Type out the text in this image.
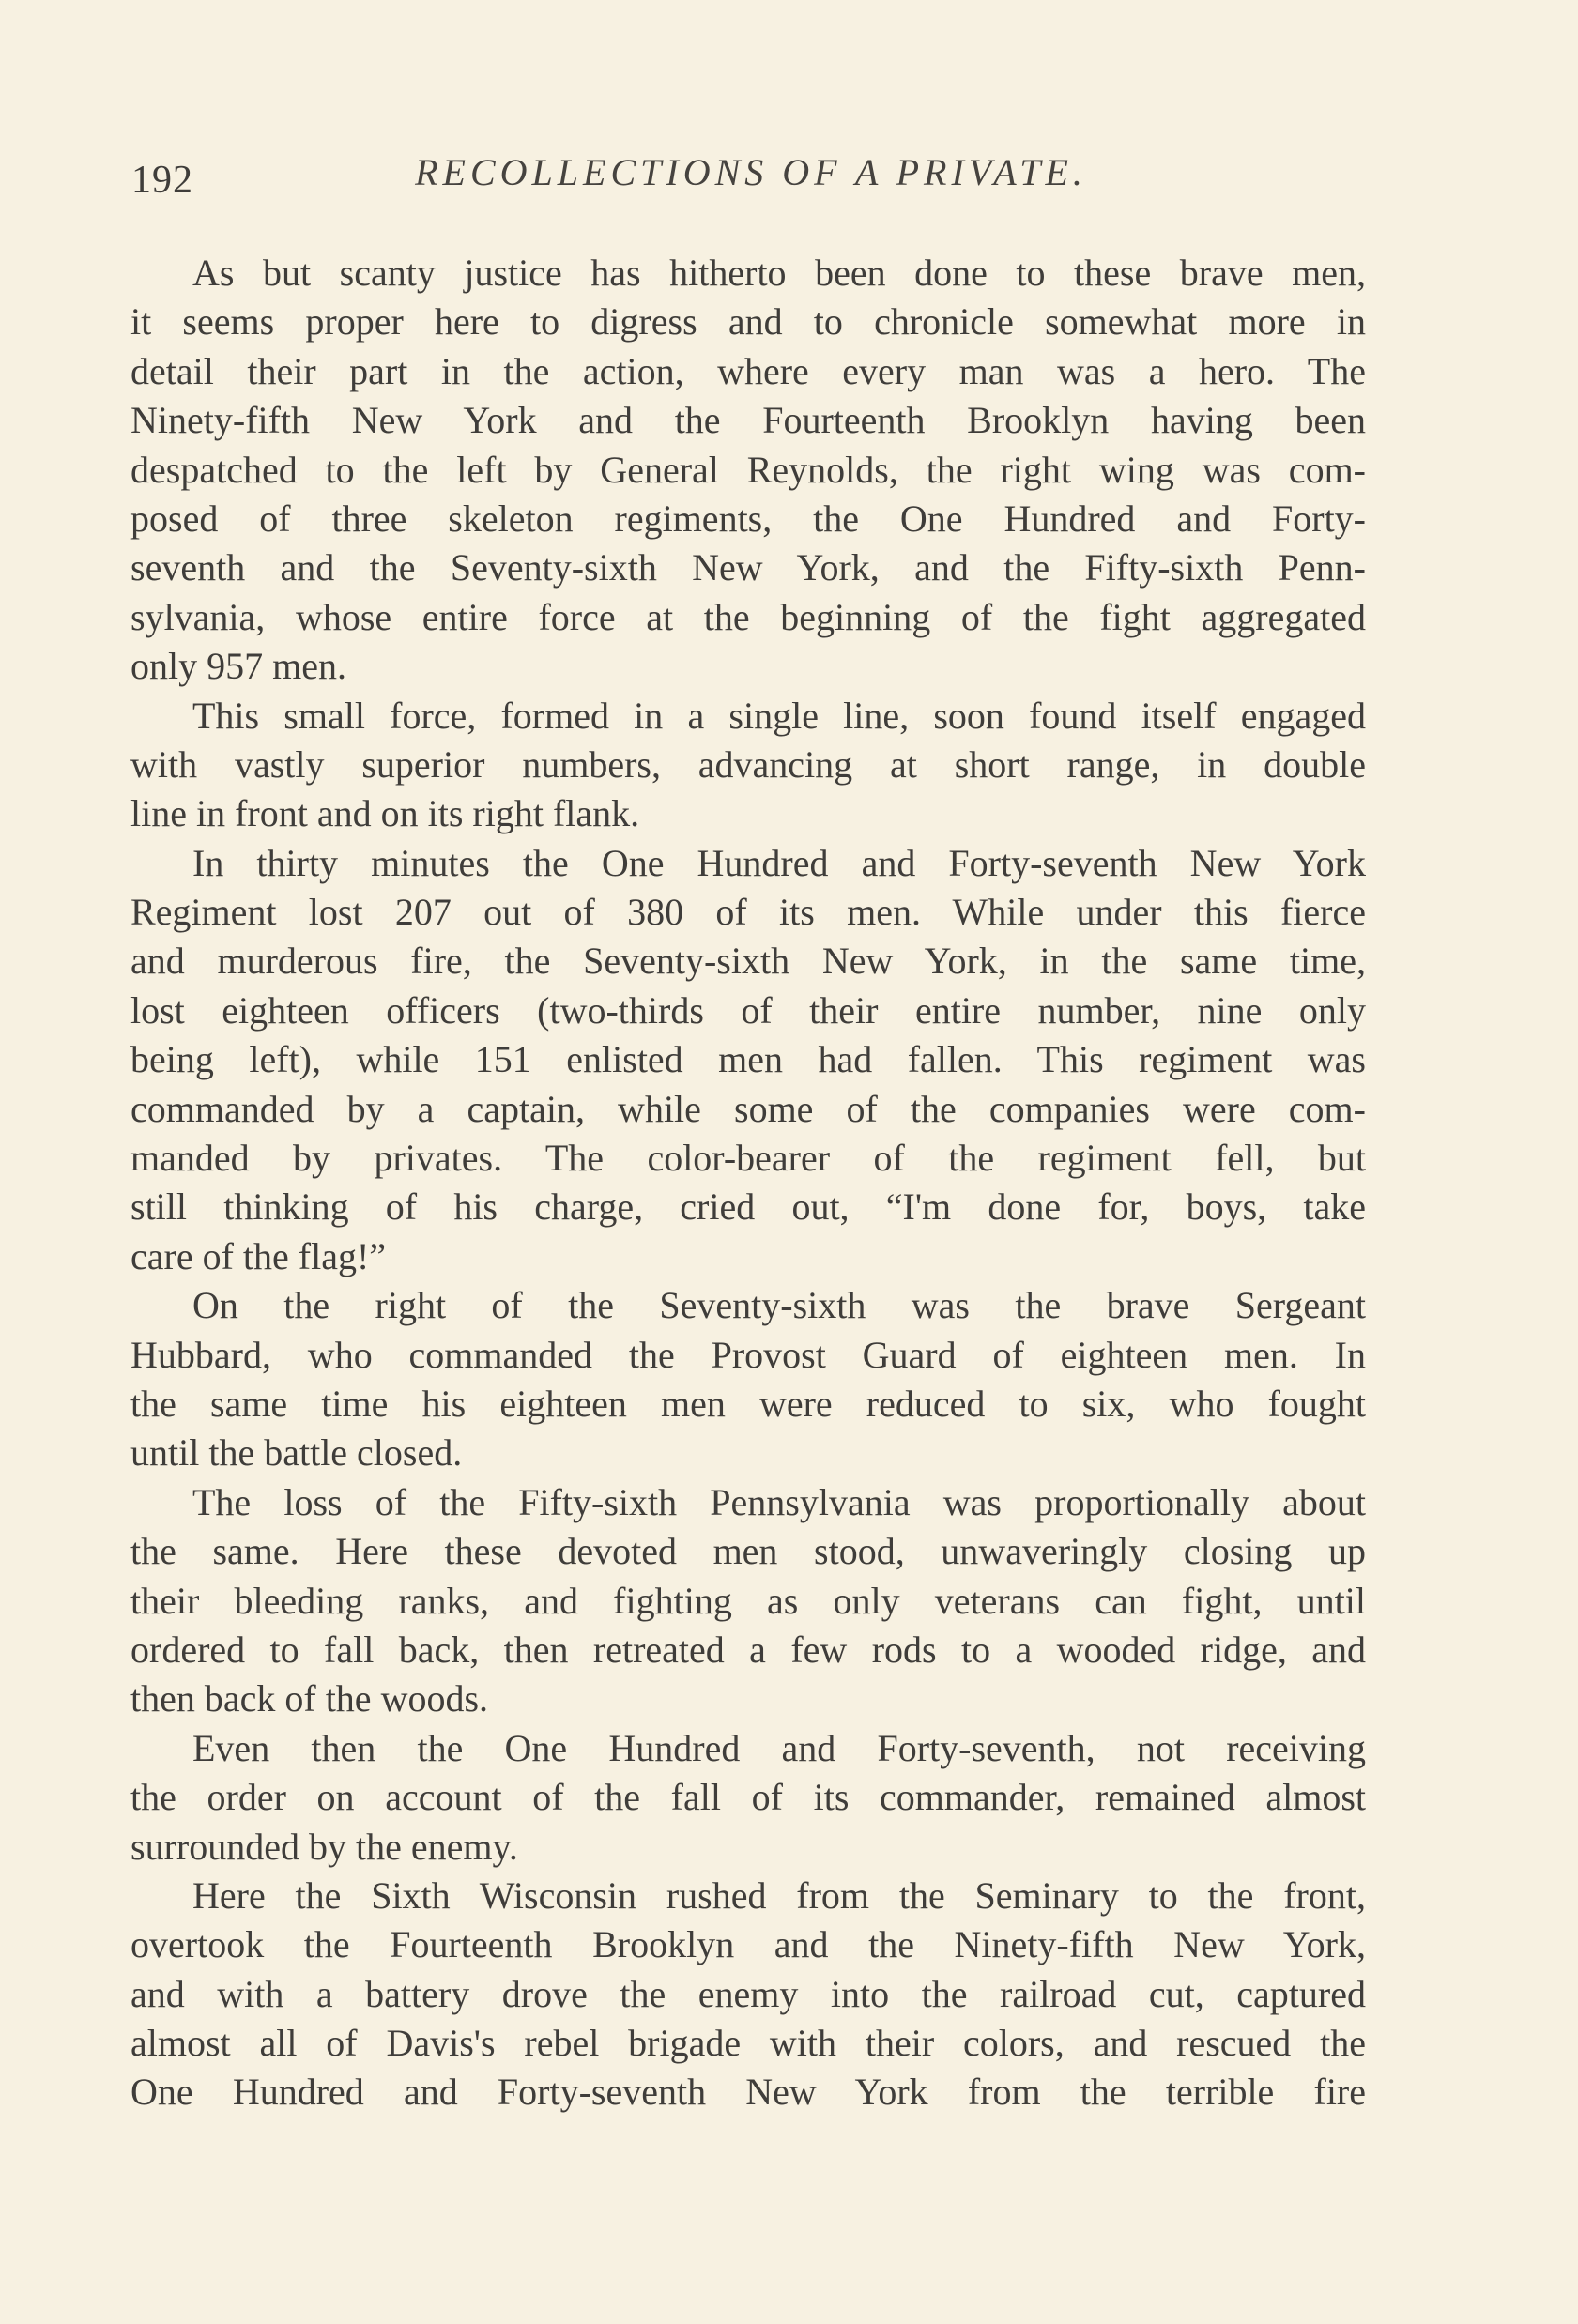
192	RECOLLECTIONS OF A PRIVATE.
As but scanty justice has hitherto been done to these brave men,
it seems proper here to digress and to chronicle somewhat more in
detail their part in the action, where every man was a hero. The
Ninety-fifth New York and the Fourteenth Brooklyn having been
despatched to the left by General Reynolds, the right wing was com-
posed of three skeleton regiments, the One Hundred and Forty-
seventh and the Seventy-sixth New York, and the Fifty-sixth Penn-
sylvania, whose entire force at the beginning of the fight aggregated
only 957 men.
This small force, formed in a single line, soon found itself engaged
with vastly superior numbers, advancing at short range, in double
line in front and on its right flank.
In thirty minutes the One Hundred and Forty-seventh New York
Regiment lost 207 out of 380 of its men. While under this fierce
and murderous fire, the Seventy-sixth New York, in the same time,
lost eighteen officers (two-thirds of their entire number, nine only
being left), while 151 enlisted men had fallen. This regiment was
commanded by a captain, while some of the companies were com-
manded by privates. The color-bearer of the regiment fell, but
still thinking of his charge, cried out, “I'm done for, boys, take
care of the flag!”
On the right of the Seventy-sixth was the brave Sergeant
Hubbard, who commanded the Provost Guard of eighteen men. In
the same time his eighteen men were reduced to six, who fought
until the battle closed.
The loss of the Fifty-sixth Pennsylvania was proportionally about
the same. Here these devoted men stood, unwaveringly closing up
their bleeding ranks, and fighting as only veterans can fight, until
ordered to fall back, then retreated a few rods to a wooded ridge, and
then back of the woods.
Even then the One Hundred and Forty-seventh, not receiving
the order on account of the fall of its commander, remained almost
surrounded by the enemy.
Here the Sixth Wisconsin rushed from the Seminary to the front,
overtook the Fourteenth Brooklyn and the Ninety-fifth New York,
and with a battery drove the enemy into the railroad cut, captured
almost all of Davis's rebel brigade with their colors, and rescued the
One Hundred and Forty-seventh New York from the terrible fire
